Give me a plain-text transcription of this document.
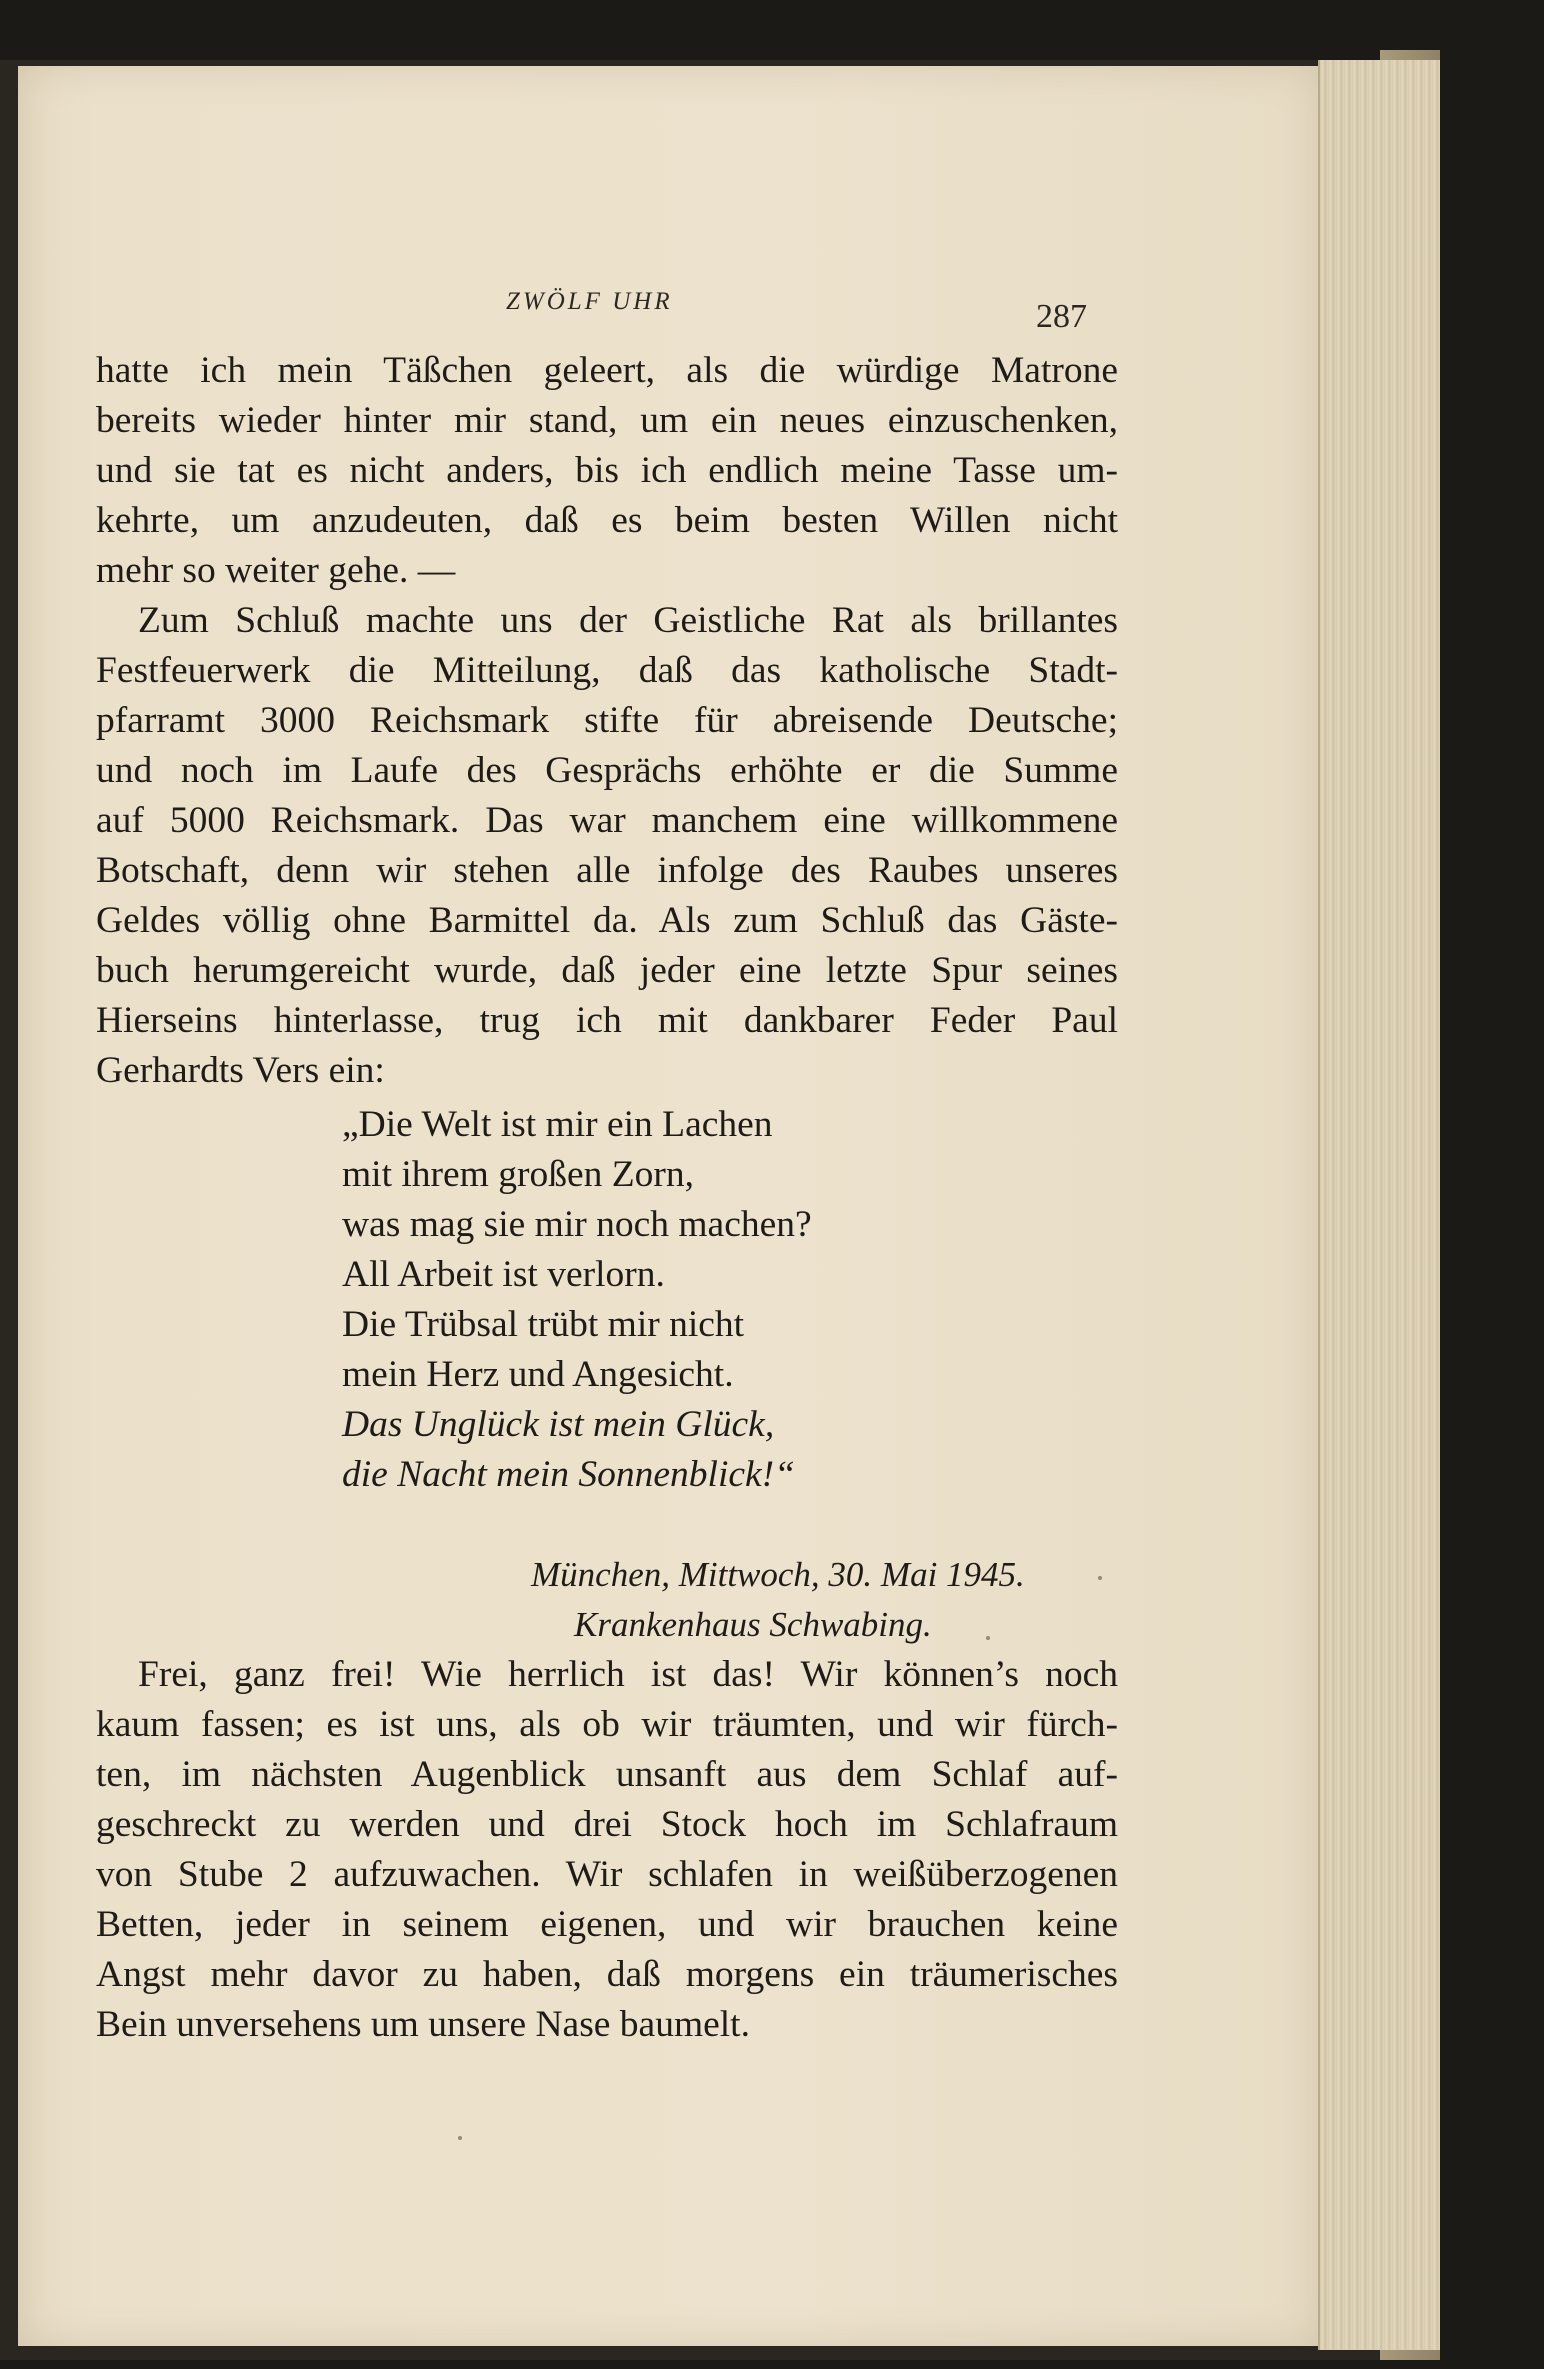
ZWÖLF UHR	287

hatte ich mein Täßchen geleert, als die würdige Matrone
bereits wieder hinter mir stand, um ein neues einzuschenken,
und sie tat es nicht anders, bis ich endlich meine Tasse um-
kehrte, um anzudeuten, daß es beim besten Willen nicht
mehr so weiter gehe. —

Zum Schluß machte uns der Geistliche Rat als brillantes
Festfeuerwerk die Mitteilung, daß das katholische Stadt-
pfarramt 3000 Reichsmark stifte für abreisende Deutsche;
und noch im Laufe des Gesprächs erhöhte er die Summe
auf 5000 Reichsmark. Das war manchem eine willkommene
Botschaft, denn wir stehen alle infolge des Raubes unseres
Geldes völlig ohne Barmittel da. Als zum Schluß das Gäste-
buch herumgereicht wurde, daß jeder eine letzte Spur seines
Hierseins hinterlasse, trug ich mit dankbarer Feder Paul
Gerhardts Vers ein:

„Die Welt ist mir ein Lachen
mit ihrem großen Zorn,
was mag sie mir noch machen?
All Arbeit ist verlorn.
Die Trübsal trübt mir nicht
mein Herz und Angesicht.
Das Unglück ist mein Glück,
die Nacht mein Sonnenblick!“
München, Mittwoch, 30. Mai 1945.
Krankenhaus Schwabing.
Frei, ganz frei! Wie herrlich ist das! Wir können’s noch
kaum fassen; es ist uns, als ob wir träumten, und wir fürch-
ten, im nächsten Augenblick unsanft aus dem Schlaf auf-
geschreckt zu werden und drei Stock hoch im Schlafraum
von Stube 2 aufzuwachen. Wir schlafen in weißüberzogenen
Betten, jeder in seinem eigenen, und wir brauchen keine
Angst mehr davor zu haben, daß morgens ein träumerisches
Bein unversehens um unsere Nase baumelt.
